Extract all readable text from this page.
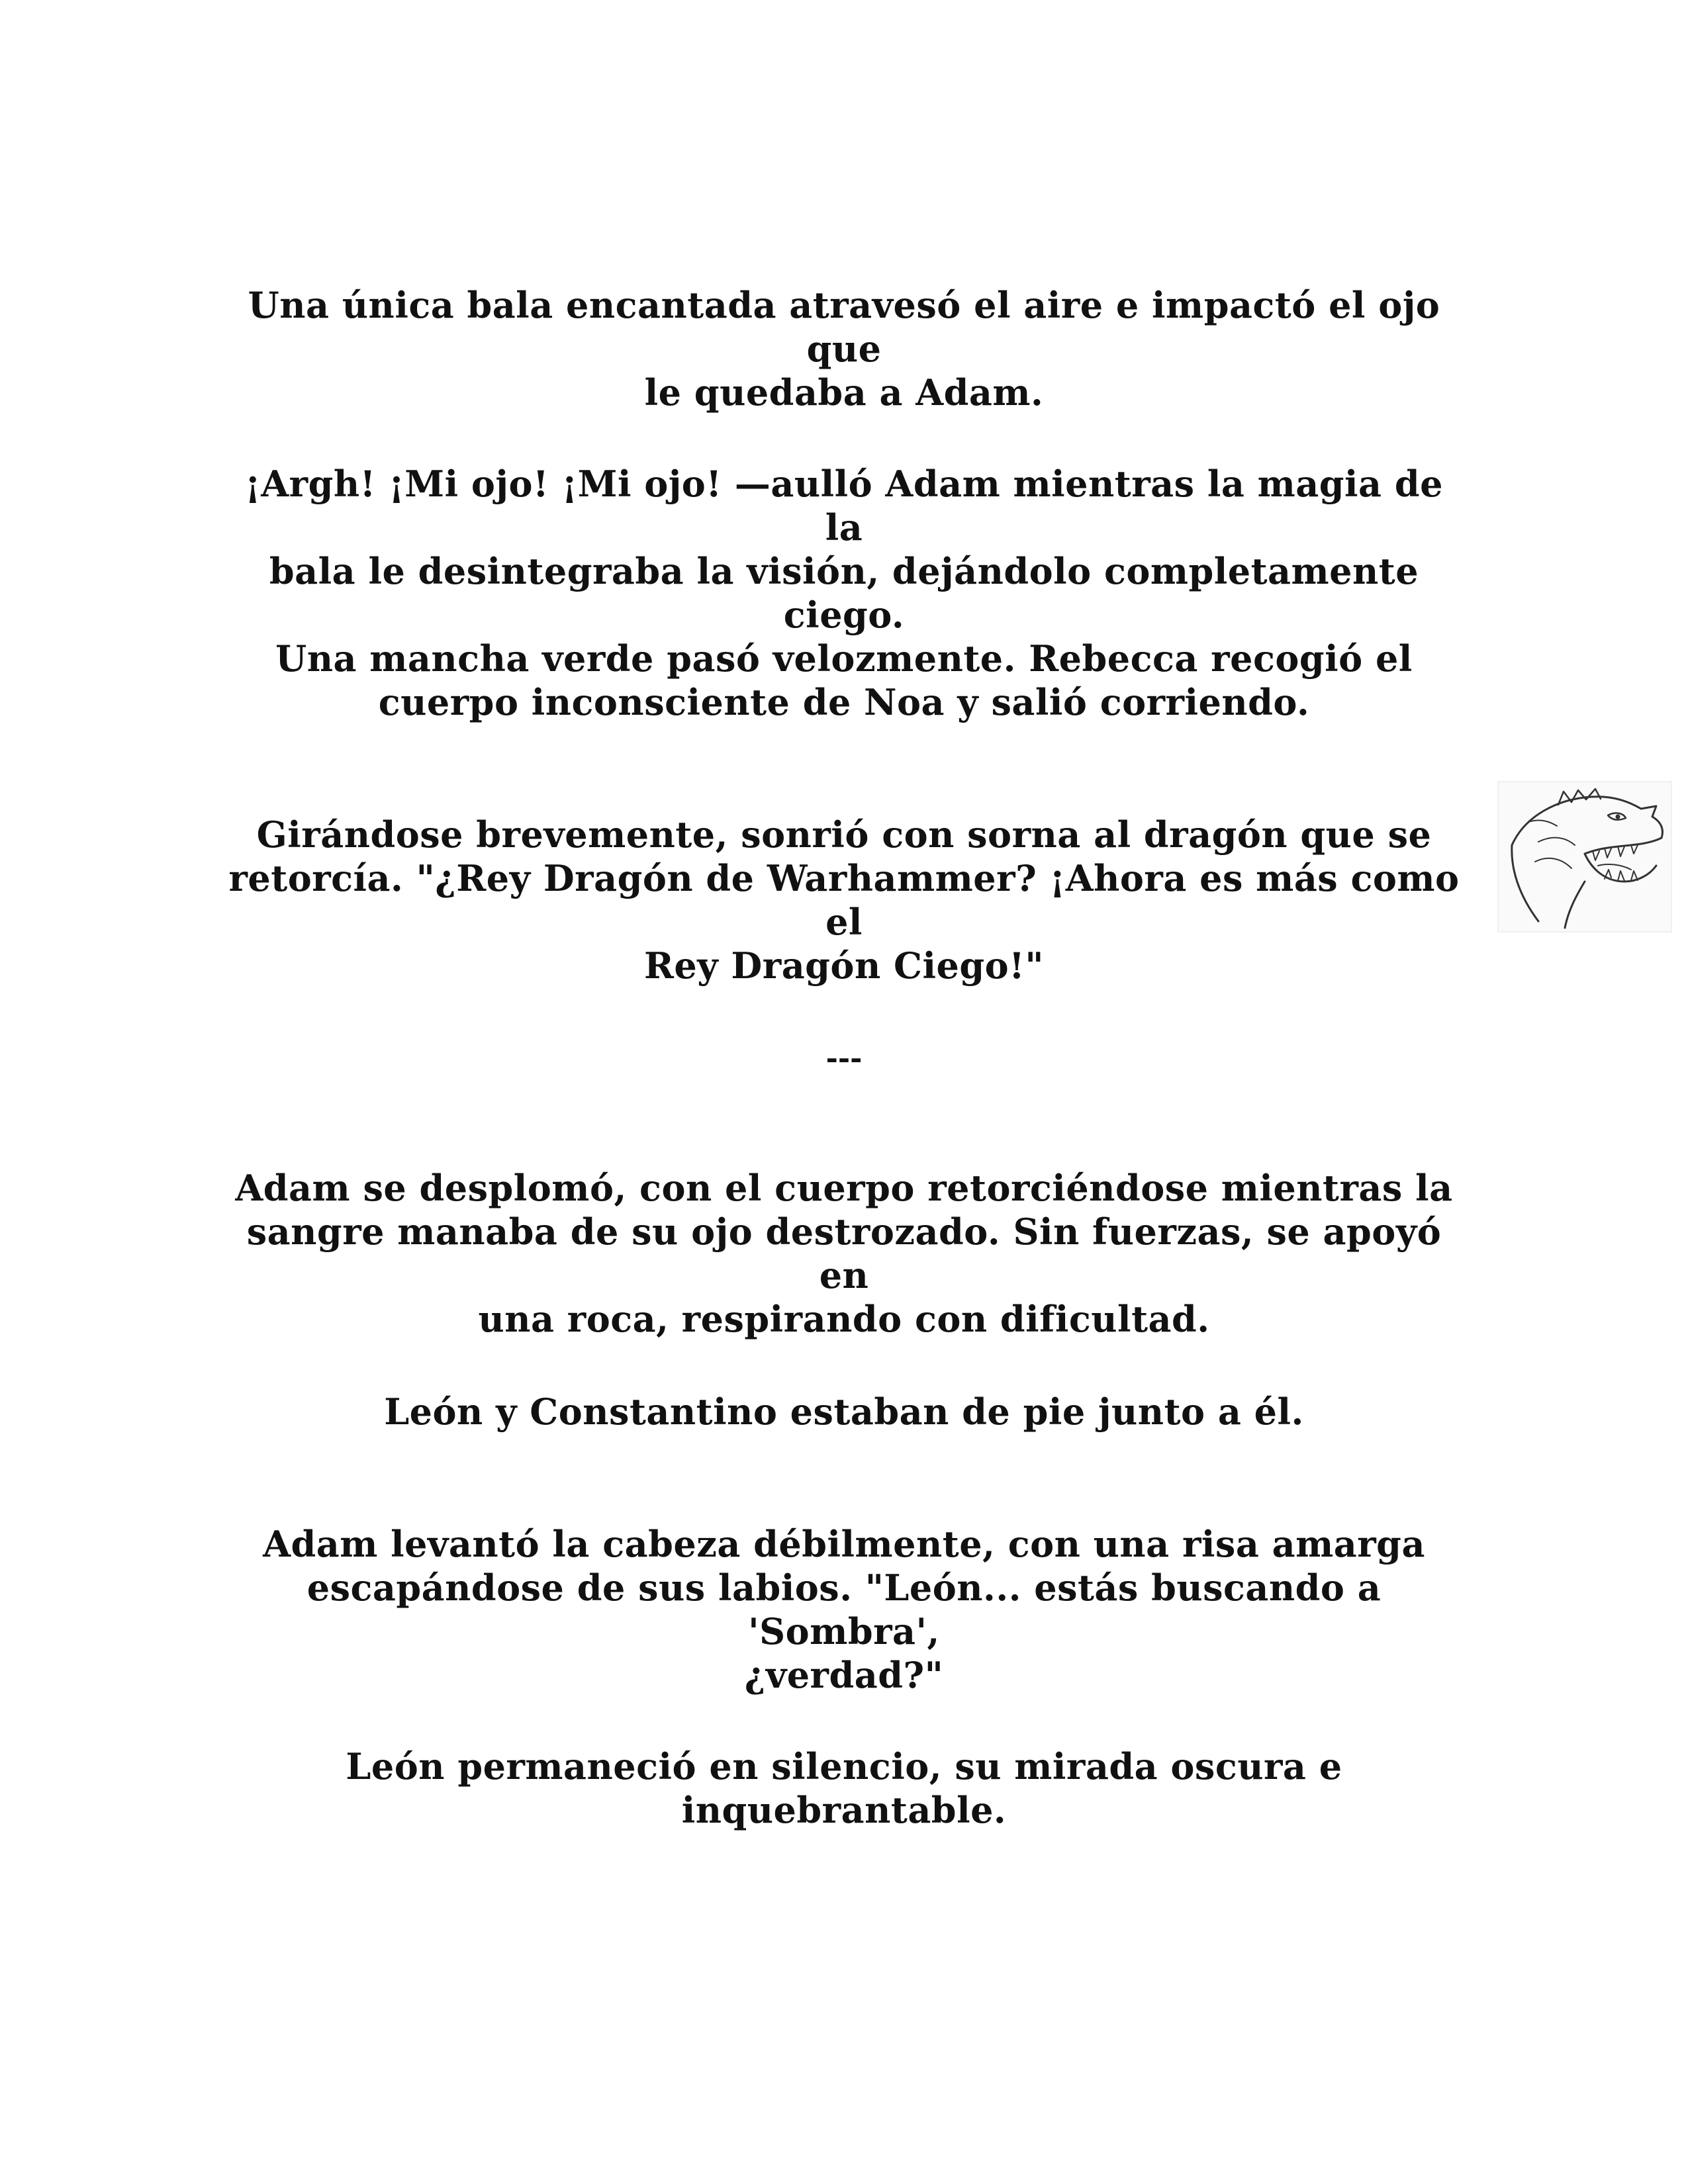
Una única bala encantada atravesó el aire e impactó el ojo que
le quedaba a Adam.

¡Argh! ¡Mi ojo! ¡Mi ojo! —aulló Adam mientras la magia de la
bala le desintegraba la visión, dejándolo completamente ciego.

Una mancha verde pasó velozmente. Rebecca recogió el
cuerpo inconsciente de Noa y salió corriendo.

Girándose brevemente, sonrió con sorna al dragón que se
retorcía. "¿Rey Dragón de Warhammer? ¡Ahora es más como el
Rey Dragón Ciego!"

---

Adam se desplomó, con el cuerpo retorciéndose mientras la
sangre manaba de su ojo destrozado. Sin fuerzas, se apoyó en
una roca, respirando con dificultad.

León y Constantino estaban de pie junto a él.

Adam levantó la cabeza débilmente, con una risa amarga
escapándose de sus labios. "León... estás buscando a 'Sombra',
¿verdad?"

León permaneció en silencio, su mirada oscura e
inquebrantable.
